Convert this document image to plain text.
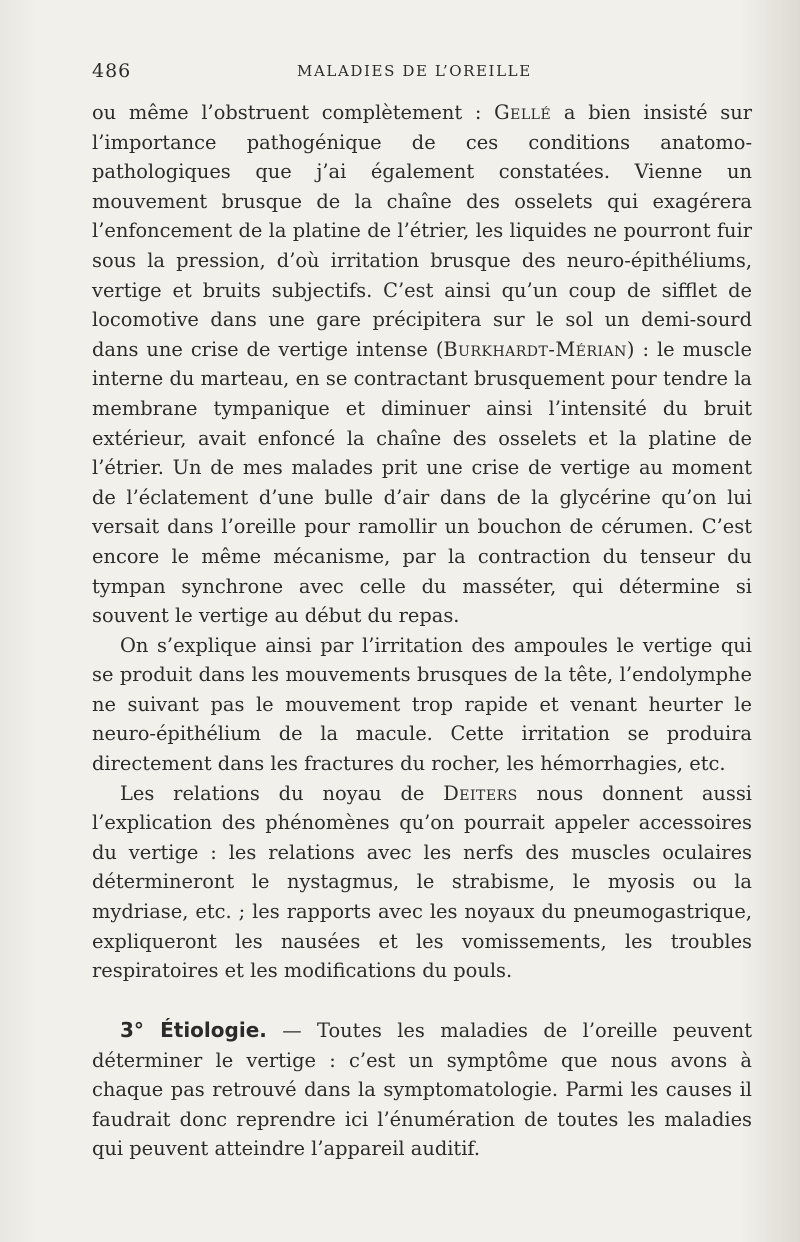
486	MALADIES DE L’OREILLE

ou même l’obstruent complètement : Gellé a bien insisté sur l’importance pathogénique de ces conditions anatomo-pathologiques que j’ai également constatées. Vienne un mouvement brusque de la chaîne des osselets qui exagérera l’enfoncement de la platine de l’étrier, les liquides ne pourront fuir sous la pression, d’où irritation brusque des neuro-épithéliums, vertige et bruits subjectifs. C’est ainsi qu’un coup de sifflet de locomotive dans une gare précipitera sur le sol un demi-sourd dans une crise de vertige intense (Burkhardt-Mérian) : le muscle interne du marteau, en se contractant brusquement pour tendre la membrane tympanique et diminuer ainsi l’intensité du bruit extérieur, avait enfoncé la chaîne des osselets et la platine de l’étrier. Un de mes malades prit une crise de vertige au moment de l’éclatement d’une bulle d’air dans de la glycérine qu’on lui versait dans l’oreille pour ramollir un bouchon de cérumen. C’est encore le même mécanisme, par la contraction du tenseur du tympan synchrone avec celle du masséter, qui détermine si souvent le vertige au début du repas.

On s’explique ainsi par l’irritation des ampoules le vertige qui se produit dans les mouvements brusques de la tête, l’endolymphe ne suivant pas le mouvement trop rapide et venant heurter le neuro-épithélium de la macule. Cette irritation se produira directement dans les fractures du rocher, les hémorrhagies, etc.

Les relations du noyau de Deiters nous donnent aussi l’explication des phénomènes qu’on pourrait appeler accessoires du vertige : les relations avec les nerfs des muscles oculaires détermineront le nystagmus, le strabisme, le myosis ou la mydriase, etc. ; les rapports avec les noyaux du pneumogastrique, expliqueront les nausées et les vomissements, les troubles respiratoires et les modifications du pouls.

3° Étiologie. — Toutes les maladies de l’oreille peuvent déterminer le vertige : c’est un symptôme que nous avons à chaque pas retrouvé dans la symptomatologie. Parmi les causes il faudrait donc reprendre ici l’énumération de toutes les maladies qui peuvent atteindre l’appareil auditif.
